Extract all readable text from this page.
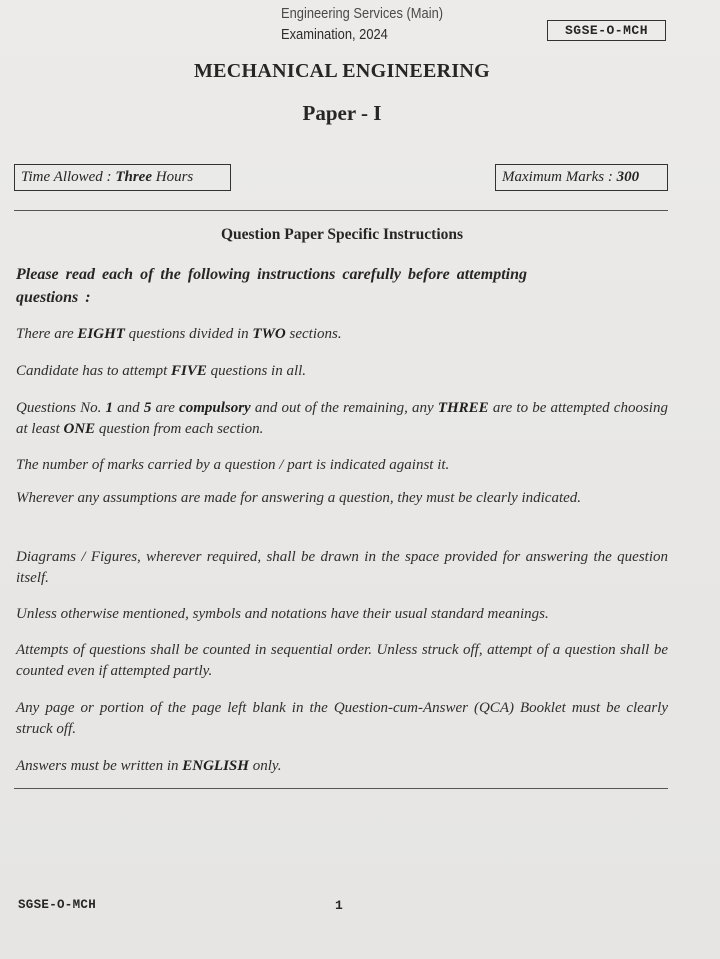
Engineering Services (Main)
Examination, 2024	SGSE-O-MCH
MECHANICAL ENGINEERING
Paper - I
Time Allowed :
Three
Hours	Maximum Marks :
300
Question Paper Specific Instructions
Please read each of the following instructions carefully before attempting
questions :

There are EIGHT questions divided in TWO sections.

Candidate has to attempt FIVE questions in all.

Questions No. 1 and 5 are compulsory and out of the remaining, any THREE are to be attempted choosing at least ONE question from each section.

The number of marks carried by a question / part is indicated against it.

Wherever any assumptions are made for answering a question, they must be clearly indicated.

Diagrams / Figures, wherever required, shall be drawn in the space provided for answering the question itself.

Unless otherwise mentioned, symbols and notations have their usual standard meanings.

Attempts of questions shall be counted in sequential order. Unless struck off, attempt of a question shall be counted even if attempted partly.

Any page or portion of the page left blank in the Question-cum-Answer (QCA) Booklet must be clearly struck off.

Answers must be written in ENGLISH only.

SGSE-O-MCH	1
